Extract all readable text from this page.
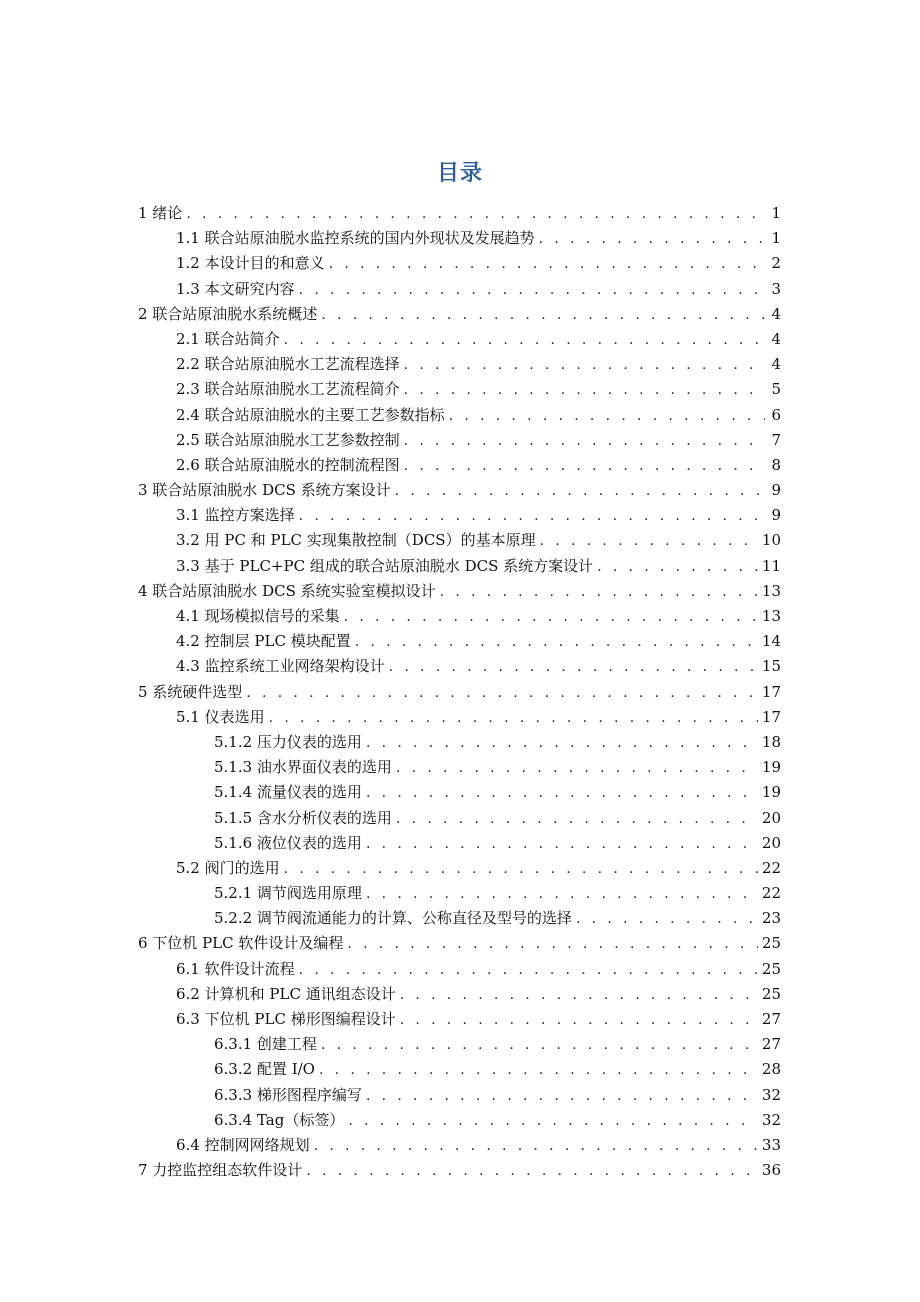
目录
1 绪论 . . .	1
1.1 联合站原油脱水监控系统的国内外现状及发展趋势 . . .	1
1.2 本设计目的和意义 . . .	2
1.3 本文研究内容 . . .	3
2 联合站原油脱水系统概述 . . .	4
2.1 联合站简介 . . .	4
2.2 联合站原油脱水工艺流程选择 . . .	4
2.3 联合站原油脱水工艺流程简介 . . .	5
2.4 联合站原油脱水的主要工艺参数指标 . . .	6
2.5 联合站原油脱水工艺参数控制 . . .	7
2.6 联合站原油脱水的控制流程图 . . .	8
3 联合站原油脱水 DCS 系统方案设计 . . .	9
3.1 监控方案选择 . . .	9
3.2 用 PC 和 PLC 实现集散控制（DCS）的基本原理 . . .	10
3.3 基于 PLC+PC 组成的联合站原油脱水 DCS 系统方案设计 . . .	11
4 联合站原油脱水 DCS 系统实验室模拟设计 . . .	13
4.1 现场模拟信号的采集 . . .	13
4.2 控制层 PLC 模块配置 . . .	14
4.3 监控系统工业网络架构设计 . . .	15
5 系统硬件选型 . . .	17
5.1 仪表选用 . . .	17
5.1.2 压力仪表的选用 . . .	18
5.1.3 油水界面仪表的选用 . . .	19
5.1.4 流量仪表的选用 . . .	19
5.1.5 含水分析仪表的选用 . . .	20
5.1.6 液位仪表的选用 . . .	20
5.2 阀门的选用 . . .	22
5.2.1 调节阀选用原理 . . .	22
5.2.2 调节阀流通能力的计算、公称直径及型号的选择 . . .	23
6 下位机 PLC 软件设计及编程 . . .	25
6.1 软件设计流程 . . .	25
6.2 计算机和 PLC 通讯组态设计 . . .	25
6.3 下位机 PLC 梯形图编程设计 . . .	27
6.3.1 创建工程 . . .	27
6.3.2 配置 I/O . . .	28
6.3.3 梯形图程序编写 . . .	32
6.3.4 Tag（标签） . . .	32
6.4 控制网网络规划 . . .	33
7 力控监控组态软件设计 . . .	36
